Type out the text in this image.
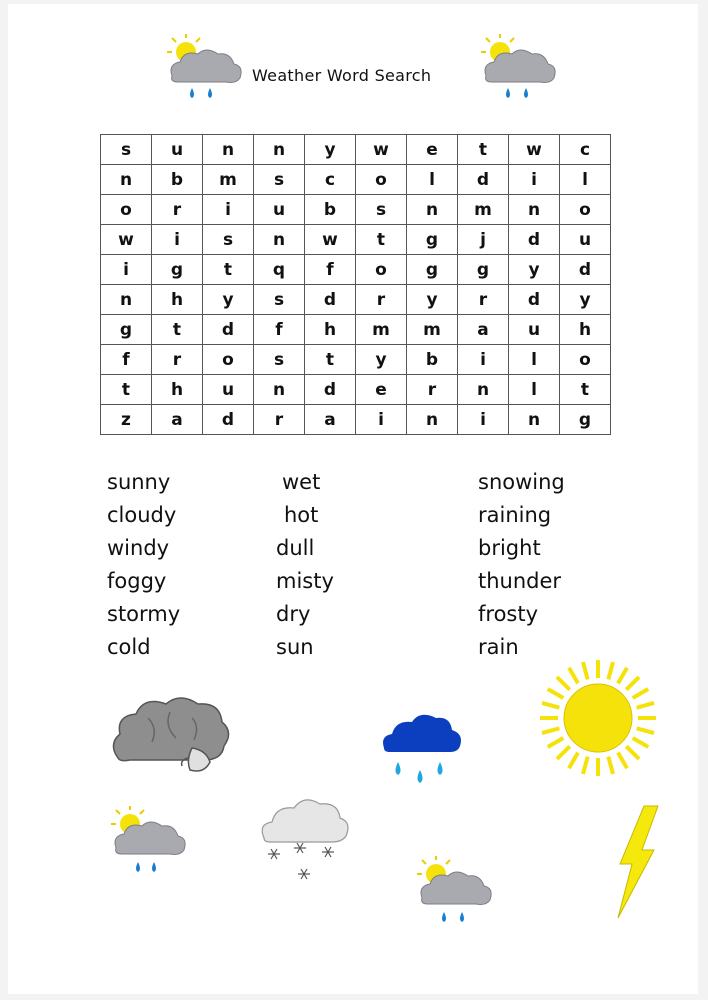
Weather Word Search
s	u	n	n	y	w	e	t	w	c
n	b	m	s	c	o	l	d	i	l
o	r	i	u	b	s	n	m	n	o
w	i	s	n	w	t	g	j	d	u
i	g	t	q	f	o	g	g	y	d
n	h	y	s	d	r	y	r	d	y
g	t	d	f	h	m	m	a	u	h
f	r	o	s	t	y	b	i	l	o
t	h	u	n	d	e	r	n	l	t
z	a	d	r	a	i	n	i	n	g
sunny
cloudy
windy
foggy
stormy
cold
wet
hot
dull
misty
dry
sun
snowing
raining
bright
thunder
frosty
rain
